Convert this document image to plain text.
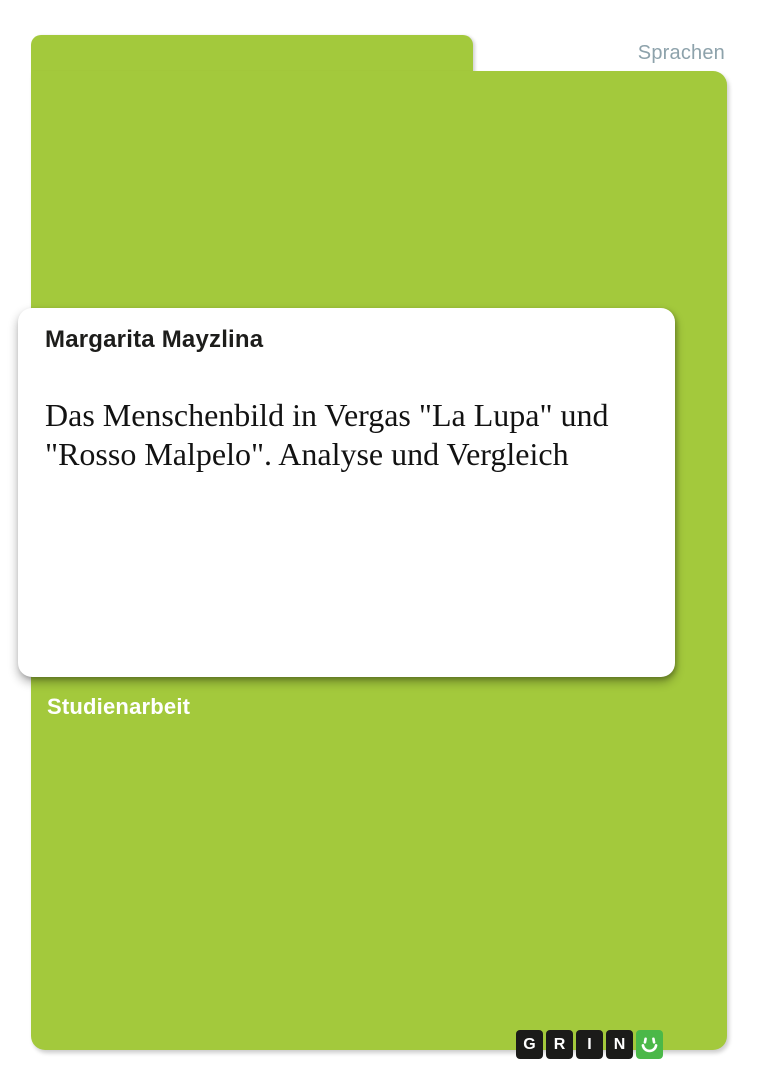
Sprachen
Margarita Mayzlina
Das Menschenbild in Vergas "La Lupa" und
"Rosso Malpelo". Analyse und Vergleich
Studienarbeit
G	R	I	N
